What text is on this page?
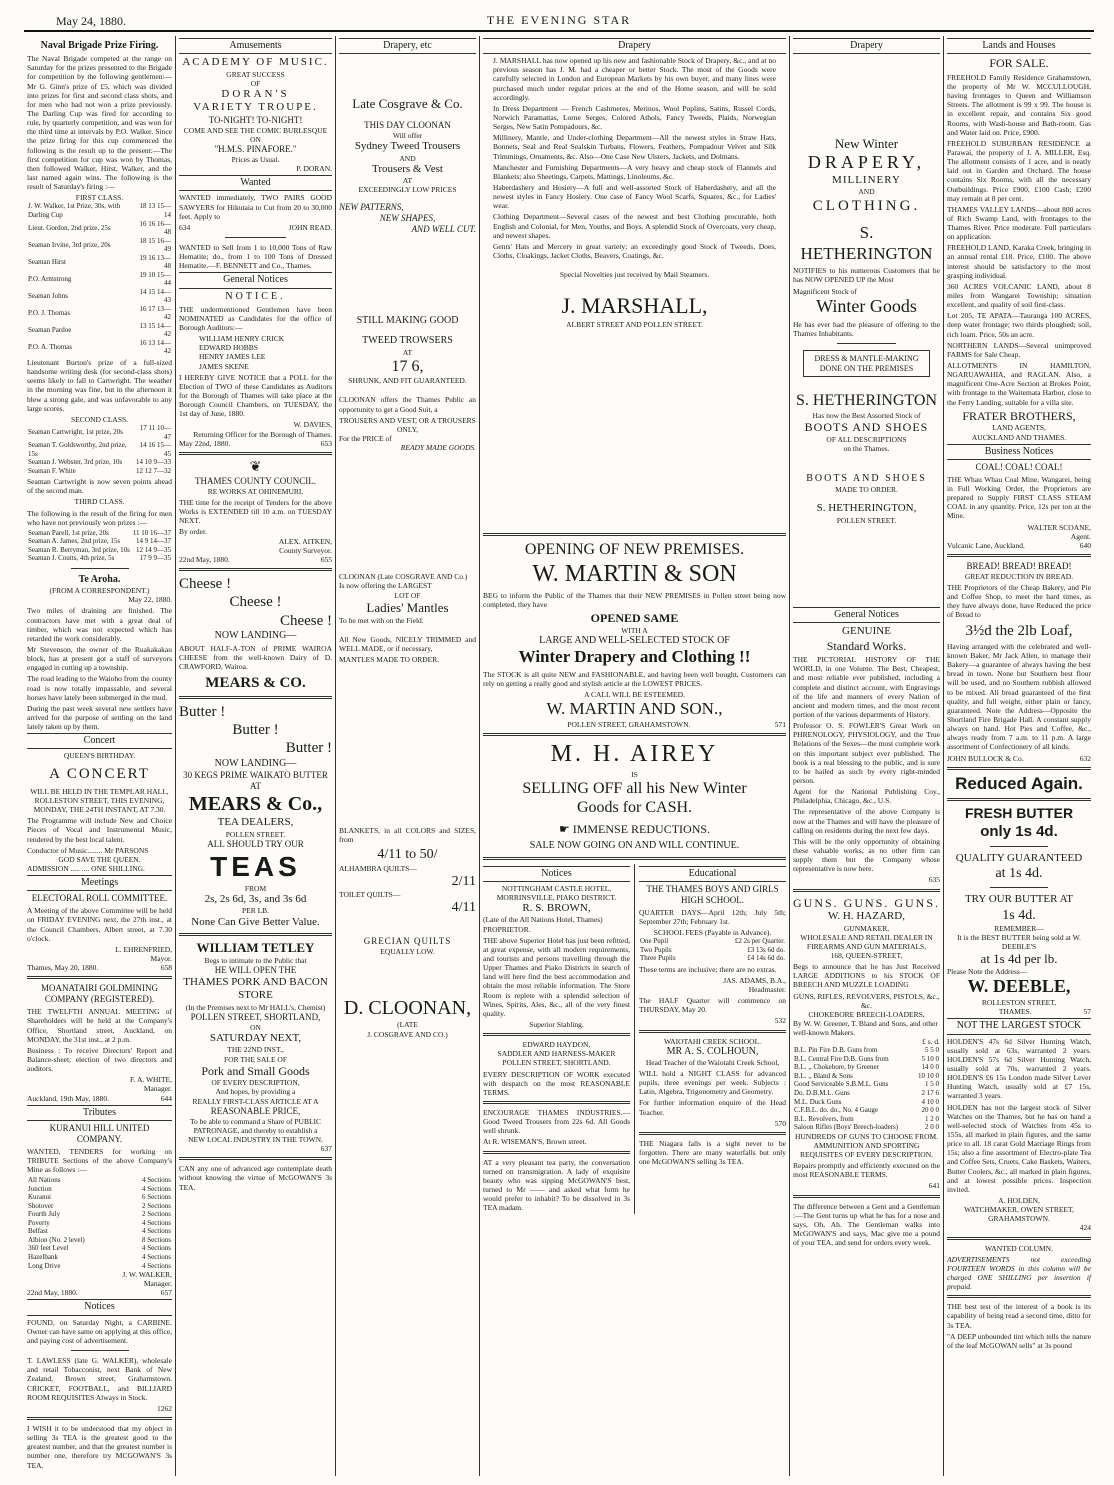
May 24, 1880.	THE EVENING STAR
Naval Brigade Prize Firing.

The Naval Brigade competed at the range on Saturday for the prizes presented to the Brigade for competition by the following gentlemen:—Mr G. Ginn's prize of £5, which was divided into prizes for first and second class shots, and for men who had not won a prize previously. The Darling Cup was fired for according to rule, by quarterly competition, and was won for the third time at intervals by P.O. Walker. Since the prize firing for this cup commenced the following is the result up to the present:—The first competition for cup was won by Thomas, then followed Walker, Hirst, Walker, and the last named again wins. The following is the result of Saturday's firing :—

FIRST CLASS.
J. W. Walker, 1st Prize, 30s, with Darling Cup	18 13 15—14
Lieut. Gordon, 2nd prize, 25s	16 16 16—48
Seaman Irvine, 3rd prize, 20s	18 15 16—49
Seaman Hirst	19 16 13—48
P.O. Armstrong	19 10 15—44
Seaman Johns	14 15 14—43
P.O. J. Thomas	16 17 13—42
Seaman Pardoe	13 15 14—42
P.O. A. Thomas	16 13 14—42

Lieutenant Burton's prize of a full-sized handsome writing desk (for second-class shots) seems likely to fall to Cartwright. The weather in the morning was fine, but in the afternoon it blew a strong gale, and was unfavorable to any large scores.

SECOND CLASS.
Seaman Cartwright, 1st prize, 20s	17 11 10—47
Seaman T. Goldsworthy, 2nd prize, 15s	14 16 15—45
Seaman J. Webster, 3rd prize, 10s	14 10 9—33
Seaman F. White	12 12 7—32

Seaman Cartwright is now seven points ahead of the second man.

THIRD CLASS.

The following is the result of the firing for men who have not previously won prizes :—

Seaman Parell, 1st prize, 20s	11 10 16—37
Seaman A. James, 2nd prize, 15s	14 9 14—37
Seaman R. Berryman, 3rd prize, 10s	12 14 9—35
Seaman J. Coutts, 4th prize, 5s	17 9 9—35
Te Aroha.
(FROM A CORRESPONDENT.)
May 22, 1880.

Two miles of draining are finished. The contractors have met with a great deal of timber, which was not expected which has retarded the work considerably.

Mr Stevenson, the owner of the Ruakakakau block, has at present got a staff of surveyors engaged in cutting up a township.

The road leading to the Waioho from the county road is now totally impassable, and several horses have lately been submerged in the mud.

During the past week several new settlers have arrived for the purpose of settling on the land lately taken up by them.

Concert
QUEEN'S BIRTHDAY.
A CONCERT
WILL BE HELD IN THE TEMPLAR HALL, ROLLESTON STREET, THIS EVENING,
MONDAY, THE 24TH INSTANT, AT 7.30.

The Programme will include New and Choice Pieces of Vocal and Instrumental Music, rendered by the best local talent.

Conductor of Music........ Mr PARSONS
GOD SAVE THE QUEEN.
ADMISSION ..... .... ONE SHILLING.
Meetings
ELECTORAL ROLL COMMITTEE.

A Meeting of the above Committee will be held on FRIDAY EVENING next, the 27th inst., at the Council Chambers, Albert street, at 7.30 o'clock.

L. EHRENFRIED,
Mayor.
Thames, May 20, 1880.	658
MOANATAIRI GOLDMINING COMPANY (REGISTERED).

THE TWELFTH ANNUAL MEETING of Shareholders will be held at the Company's Office, Shortland street, Auckland, on MONDAY, the 31st inst., at 2 p.m.

Business : To receive Directors' Report and Balance-sheet; election of two directors and auditors.

F. A. WHITE,
Manager.
Auckland, 19th May, 1880.	644
Tributes
KURANUI HILL UNITED COMPANY.

WANTED, TENDERS for working on TRIBUTE Sections of the above Company's Mine as follows :—

All Nations	4 Sections
Junction	4 Sections
Kuranui	6 Sections
Shotover	2 Sections
Fourth July	2 Sections
Poverty	4 Sections
Belfast	4 Sections
Albion (No. 2 level)	8 Sections
360 feet Level	4 Sections
Hazelbank	4 Sections
Long Drive	4 Sections
J. W. WALKER,
Manager.
22nd May, 1880.	657
Notices

FOUND, on Saturday Night, a CARBINE. Owner can have same on applying at this office, and paying cost of advertisement.

T. LAWLESS (late G. WALKER), wholesale and retail Tobacconist, next Bank of New Zealand, Brown street, Grahamstown. CRICKET, FOOTBALL, and BILLIARD ROOM REQUISITES Always in Stock.

1262

I WISH it to be understood that my object in selling 3s TEA is the greatest good to the greatest number, and that the greatest number is number one, therefore try MCGOWAN'S 3s TEA.

Amusements
ACADEMY OF MUSIC.
GREAT SUCCESS
OF
DORAN'S
VARIETY TROUPE.
TO-NIGHT! TO-NIGHT!
COME AND SEE THE COMIC BURLESQUE
ON
"H.M.S. PINAFORE."
Prices as Usual.
P. DORAN.
Wanted

WANTED immediately, TWO PAIRS GOOD SAWYERS for Hikutaia to Cut from 20 to 30,000 feet. Apply to

634	JOHN READ.

WANTED to Sell from 1 to 10,000 Tons of Raw Hematite; do., from 1 to 100 Tons of Dressed Hematite.—F. BENNETT and Co., Thames.

General Notices
NOTICE.

THE undermentioned Gentlemen have been NOMINATED as Candidates for the office of Borough Auditors:—

WILLIAM HENRY CRICK
EDWARD HOBBS
HENRY JAMES LEE
JAMES SKENE

I HEREBY GIVE NOTICE that a POLL for the Election of TWO of these Candidates as Auditors for the Borough of Thames will take place at the Borough Council Chambers, on TUESDAY, the 1st day of June, 1880.

W. DAVIES,
Returning Officer for the Borough of Thames.
May 22nd, 1880.	653
❦
THAMES COUNTY COUNCIL.
RE WORKS AT OHINEMURI.

THE time for the receipt of Tenders for the above Works is EXTENDED till 10 a.m. on TUESDAY NEXT.

By order.
ALEX. AITKEN,
County Surveyor.
22nd May, 1880.	655
Cheese !
Cheese !
Cheese !
NOW LANDING—

ABOUT HALF-A-TON of PRIME WAIROA CHEESE from the well-known Dairy of D. CRAWFORD, Wairoa.

MEARS & CO.
Butter !
Butter !
Butter !
NOW LANDING—
30 KEGS PRIME WAIKATO BUTTER AT
MEARS & Co.,
TEA DEALERS,
POLLEN STREET.
ALL SHOULD TRY OUR
TEAS
FROM
2s, 2s 6d, 3s, and 3s 6d
PER LB.
None Can Give Better Value.
WILLIAM TETLEY
Begs to intimate to the Public that
HE WILL OPEN THE
THAMES PORK AND BACON STORE
(In the Premises next to Mr HALL's, Chemist)
POLLEN STREET, SHORTLAND,
ON
SATURDAY NEXT,
THE 22ND INST.,
FOR THE SALE OF
Pork and Small Goods
OF EVERY DESCRIPTION,
And hopes, by providing a
REALLY FIRST-CLASS ARTICLE AT A
REASONABLE PRICE,
To be able to command a Share of PUBLIC PATRONAGE, and thereby to establish a
NEW LOCAL INDUSTRY IN THE TOWN.
637

CAN any one of advanced age contemplate death without knowing the virtue of McGOWAN'S 3s TEA.

Drapery, etc
Late Cosgrave & Co.
THIS DAY CLOONAN
Will offer
Sydney Tweed Trousers
AND
Trousers & Vest
AT
EXCEEDINGLY LOW PRICES
NEW PATTERNS,
NEW SHAPES,
AND WELL CUT.
STILL MAKING GOOD
TWEED TROWSERS
AT
17 6,
SHRUNK, AND FIT GUARANTEED.

CLOONAN offers the Thames Public an opportunity to get a Good Suit, a

TROUSERS AND VEST, OR A TROUSERS ONLY,
For the PRICE of
READY MADE GOODS.
CLOONAN (Late COSGRAVE AND Co.)
Is now offering the LARGEST
LOT OF
Ladies' Mantles
To be met with on the Field.

All New Goods, NICELY TRIMMED and WELL MADE, or if necessary,

MANTLES MADE TO ORDER.

BLANKETS, in all COLORS and SIZES, from

4/11 to 50/
ALHAMBRA QUILTS—
2/11
TOILET QUILTS—
4/11
GRECIAN QUILTS
EQUALLY LOW.
D. CLOONAN,
(LATE
J. COSGRAVE AND CO.)
Drapery

J. MARSHALL has now opened up his new and fashionable Stock of Drapery, &c., and at no previous season has J. M. had a cheaper or better Stock. The most of the Goods were carefully selected in London and European Markets by his own buyer, and many lines were purchased much under regular prices at the end of the Home season, and will be sold accordingly.

In Dress Department — French Cashmeres, Merinos, Wool Poplins, Satins, Russel Cords, Norwich Paramattas, Lorne Serges, Colored Athols, Fancy Tweeds, Plaids, Norwegian Serges, New Satin Pompadours, &c.

Millinery, Mantle, and Under-clothing Department—All the newest styles in Straw Hats, Bonnets, Seal and Real Sealskin Turbans, Flowers, Feathers, Pompadour Velvet and Silk Trimmings, Ornaments, &c. Also—One Case New Ulsters, Jackets, and Dolmans.

Manchester and Furnishing Departments—A very heavy and cheap stock of Flannels and Blankets; also Sheetings, Carpets, Mattings, Linoleums, &c.

Haberdashery and Hosiery—A full and well-assorted Stock of Haberdashery, and all the newest styles in Fancy Hosiery. One case of Fancy Wool Scarfs, Squares, &c., for Ladies' wear.

Clothing Department—Several cases of the newest and best Clothing procurable, both English and Colonial, for Men, Youths, and Boys. A splendid Stock of Overcoats, very cheap, and newest shapes.

Gents' Hats and Mercery in great variety; an exceedingly good Stock of Tweeds, Does, Cloths, Cloakings, Jacket Cloths, Beavers, Coatings, &c.

Special Novelties just received by Mail Steamers.
J. MARSHALL,
ALBERT STREET AND POLLEN STREET.
OPENING OF NEW PREMISES.
W. MARTIN & SON

BEG to inform the Public of the Thames that their NEW PREMISES in Pollen street being now completed, they have

OPENED SAME
WITH A
LARGE AND WELL-SELECTED STOCK OF
Winter Drapery and Clothing !!

The STOCK is all quite NEW and FASHIONABLE, and having been well bought, Customers can rely on getting a really good and stylish article at the LOWEST PRICES.

A CALL WILL BE ESTEEMED.
W. MARTIN AND SON.,
POLLEN STREET, GRAHAMSTOWN.	571
M. H. AIREY
IS
SELLING OFF all his New Winter
Goods for CASH.
☛ IMMENSE REDUCTIONS.
SALE NOW GOING ON AND WILL CONTINUE.
Notices
NOTTINGHAM CASTLE HOTEL, MORRINSVILLE, PIAKO DISTRICT.
R. S. BROWN,
(Late of the All Nations Hotel, Thames) PROPRIETOR.

THE above Superior Hotel has just been refitted, at great expense, with all modern requirements, and tourists and persons travelling through the Upper Thames and Piako Districts in search of land will here find the best accommodation and obtain the most reliable information. The Store Room is replete with a splendid selection of Wines, Spirits, Ales, &c., all of the very finest quality.

Superior Stabling.
EDWARD HAYDON,
SADDLER AND HARNESS-MAKER POLLEN STREET, SHORTLAND.

EVERY DESCRIPTION OF WORK executed with despatch on the most REASONABLE TERMS.

ENCOURAGE THAMES INDUSTRIES.—Good Tweed Trousers from 22s 6d. All Goods well shrunk.

At R. WISEMAN'S, Brown street.

AT a very pleasant tea party, the conversation turned on transmigration. A lady of exquisite beauty who was sipping McGOWAN'S best, turned to Mr —— and asked what form he would prefer to inhabit? To be dissolved in 3s TEA madam.

Educational
THE THAMES BOYS AND GIRLS HIGH SCHOOL.

QUARTER DAYS—April 12th; July 5th; September 27th; February 1st.

SCHOOL FEES (Payable in Advance).
One Pupil	£2 2s per Quarter.
Two Pupils	£3 13s 6d do.
Three Pupils	£4 14s 6d do.

These terms are inclusive; there are no extras.

JAS. ADAMS, B.A.,
Headmaster.

The HALF Quarter will commence on THURSDAY, May 20.

532
WAIOTAHI CREEK SCHOOL.
MR A. S. COLHOUN,
Head Teacher of the Waiotahi Creek School,

WILL hold a NIGHT CLASS for advanced pupils, three evenings per week. Subjects : Latin, Algebra, Trigonometry and Geometry.

For further information enquire of the Head Teacher.

570

THE Niagara falls is a sight never to be forgotten. There are many waterfalls but only one McGOWAN'S selling 3s TEA.

Drapery
New Winter
DRAPERY,
MILLINERY
AND
CLOTHING.
S. HETHERINGTON

NOTIFIES to his numerous Customers that he has NOW OPENED UP the Most

Magnificent Stock of
Winter Goods

He has ever had the pleasure of offering to the Thames Inhabitants.

DRESS & MANTLE-MAKING DONE ON THE PREMISES
S. HETHERINGTON
Has now the Best Assorted Stock of
BOOTS AND SHOES
OF ALL DESCRIPTIONS
on the Thames.
BOOTS AND SHOES
MADE TO ORDER.
S. HETHERINGTON,
POLLEN STREET.
General Notices
GENUINE
Standard Works.

THE PICTORIAL HISTORY OF THE WORLD, in one Volume. The Best, Cheapest, and most reliable ever published, including a complete and distinct account, with Engravings of the life and manners of every Nation of ancient and modern times, and the most recent portion of the various departments of History.

Professor O. S. FOWLER'S Great Work on PHRENOLOGY, PHYSIOLOGY, and the True Relations of the Sexes—the most complete work on this important subject ever published. The book is a real blessing to the public, and is sure to be hailed as such by every right-minded person.

Agent for the National Publishing Coy., Philadelphia, Chicago, &c., U.S.

The representative of the above Company is now at the Thames and will have the pleasure of calling on residents during the next few days.

This will be the only opportunity of obtaining these valuable works, as no other firm can supply them but the Company whose representative is now here.

635
GUNS. GUNS. GUNS.
W. H. HAZARD,
GUNMAKER,
WHOLESALE AND RETAIL DEALER IN FIREARMS AND GUN MATERIALS,
168, QUEEN-STREET,

Begs to announce that he has Just Received LARGE ADDITIONS to his STOCK OF BREECH AND MUZZLE LOADING

GUNS, RIFLES, REVOLVERS, PISTOLS, &c., &c.
CHOKEBORE BREECH-LOADERS,
By W. W. Greener, T. Bland and Sons, and other well-known Makers.
£ s. d.
B.L. Pin Fire D.B. Guns from	5 5 0
B.L. Central Fire D.B. Guns from	5 10 0
B.L. ,, Chokebore, by Greener	14 0 0
B.L. ,, Bland & Sons	10 10 0
Good Serviceable S.B.M.L. Guns	1 5 0
Do. D.B.M.L. Guns	2 17 6
M.L. Duck Guns	4 10 0
C.F.B.L. do. do., No. 4 Gauge	20 0 0
B.L. Revolvers, from	1 2 0
Saloon Rifles (Boys' Breech-loaders)	2 0 0
HUNDREDS OF GUNS TO CHOOSE FROM.
AMMUNITION AND SPORTING REQUISITES OF EVERY DESCRIPTION.

Repairs promptly and efficiently executed on the most REASONABLE TERMS.

641

The difference between a Gent and a Gentleman :—The Gent turns up what he has for a nose and says, Oh, Ah. The Gentleman walks into McGOWAN'S and says, Mac give me a pound of your TEA, and send for orders every week.

Lands and Houses
FOR SALE.

FREEHOLD Family Residence Grahamstown, the property of Mr W. MCCULLOUGH, having frontages to Queen and Williamson Streets. The allotment is 99 x 99. The house is in excellent repair, and contains Six good Rooms, with Wash-house and Bath-room. Gas and Water laid on. Price, £900.

FREEHOLD SUBURBAN RESIDENCE at Parawai, the property of J. A. MILLER, Esq. The allotment consists of 1 acre, and is neatly laid out in Garden and Orchard. The house contains Six Rooms, with all the necessary Outbuildings. Price £900, £100 Cash; £200 may remain at 8 per cent.

THAMES VALLEY LANDS—about 800 acres of Rich Swamp Land, with frontages to the Thames River. Price moderate. Full particulars on application.

FREEHOLD LAND, Karaka Creek, bringing in an annual rental £18. Price, £100. The above interest should be satisfactory to the most grasping individual.

360 ACRES VOLCANIC LAND, about 8 miles from Wangarei Township; situation excellent, and quality of soil first-class.

Lot 205, TE APATA—Tauranga 100 ACRES, deep water frontage; two thirds ploughed; soil, rich loam. Price, 50s an acre.

NORTHERN LANDS—Several unimproved FARMS for Sale Cheap.

ALLOTMENTS IN HAMILTON, NGARUAWAHIA, and RAGLAN. Also, a magnificent One-Acre Section at Brokes Point, with frontage to the Waitemata Harbor, close to the Ferry Landing, suitable for a villa site.

FRATER BROTHERS,
LAND AGENTS,
AUCKLAND AND THAMES.
Business Notices
COAL! COAL! COAL!

THE Whau Whau Coal Mine, Wangarei, being in Full Working Order, the Proprietors are prepared to Supply FIRST CLASS STEAM COAL in any quantity. Price, 12s per ton at the Mine.

WALTER SCOANE,
Agent.
Vulcanic Lane, Auckland.	640
BREAD! BREAD! BREAD!
GREAT REDUCTION IN BREAD.

THE Proprietors of the Cheap Bakery, and Pie and Coffee Shop, to meet the hard times, as they have always done, have Reduced the price of Bread to

3½d the 2lb Loaf,

Having arranged with the celebrated and well-known Baker, Mr Jack Allen, to manage their Bakery—a guarantee of always having the best bread in town. None but Southern best flour will be used, and no Southern rubbish allowed to be mixed. All bread guaranteed of the first quality, and full weight, either plain or fancy, guaranteed. Note the Address—Opposite the Shortland Fire Brigade Hall. A constant supply always on hand. Hot Pies and Coffee, &c., always ready from 7 a.m. to 11 p.m. A large assortment of Confectionery of all kinds.

JOHN BULLOCK & Co.	632
Reduced Again.
FRESH BUTTER
only 1s 4d.
QUALITY GUARANTEED
at 1s 4d.
TRY OUR BUTTER AT
1s 4d.
REMEMBER—
It is the BEST BUTTER being sold at W. DEEBLE'S
at 1s 4d per lb.
Please Note the Address—
W. DEEBLE,
ROLLESTON STREET,
THAMES.	57
NOT THE LARGEST STOCK

HOLDEN'S 47s 6d Silver Hunting Watch, usually sold at 63s, warranted 2 years. HOLDEN'S 57s 6d Silver Hunting Watch, usually sold at 70s, warranted 2 years. HOLDEN'S £6 15s London made Silver Lever Hunting Watch, usually sold at £7 15s, warranted 3 years.

HOLDEN has not the largest stock of Silver Watches on the Thames, but he has on hand a well-selected stock of Watches from 45s to 155s, all marked in plain figures, and the same price to all. 18 carat Gold Marriage Rings from 15s; also a fine assortment of Electro-plate Tea and Coffee Sets, Cruets, Cake Baskets, Waiters, Butter Coolers, &c., all marked in plain figures, and at lowest possible prices. Inspection invited.

A. HOLDEN,
WATCHMAKER, OWEN STREET, GRAHAMSTOWN.
424
WANTED COLUMN.

ADVERTISEMENTS not exceeding FOURTEEN WORDS in this column will be charged ONE SHILLING per insertion if prepaid.

THE best test of the interest of a book is its capability of being read a second time, ditto for 3s TEA.

"A DEEP unbounded tint which tells the nature of the leaf McGOWAN sells" at 3s pound
